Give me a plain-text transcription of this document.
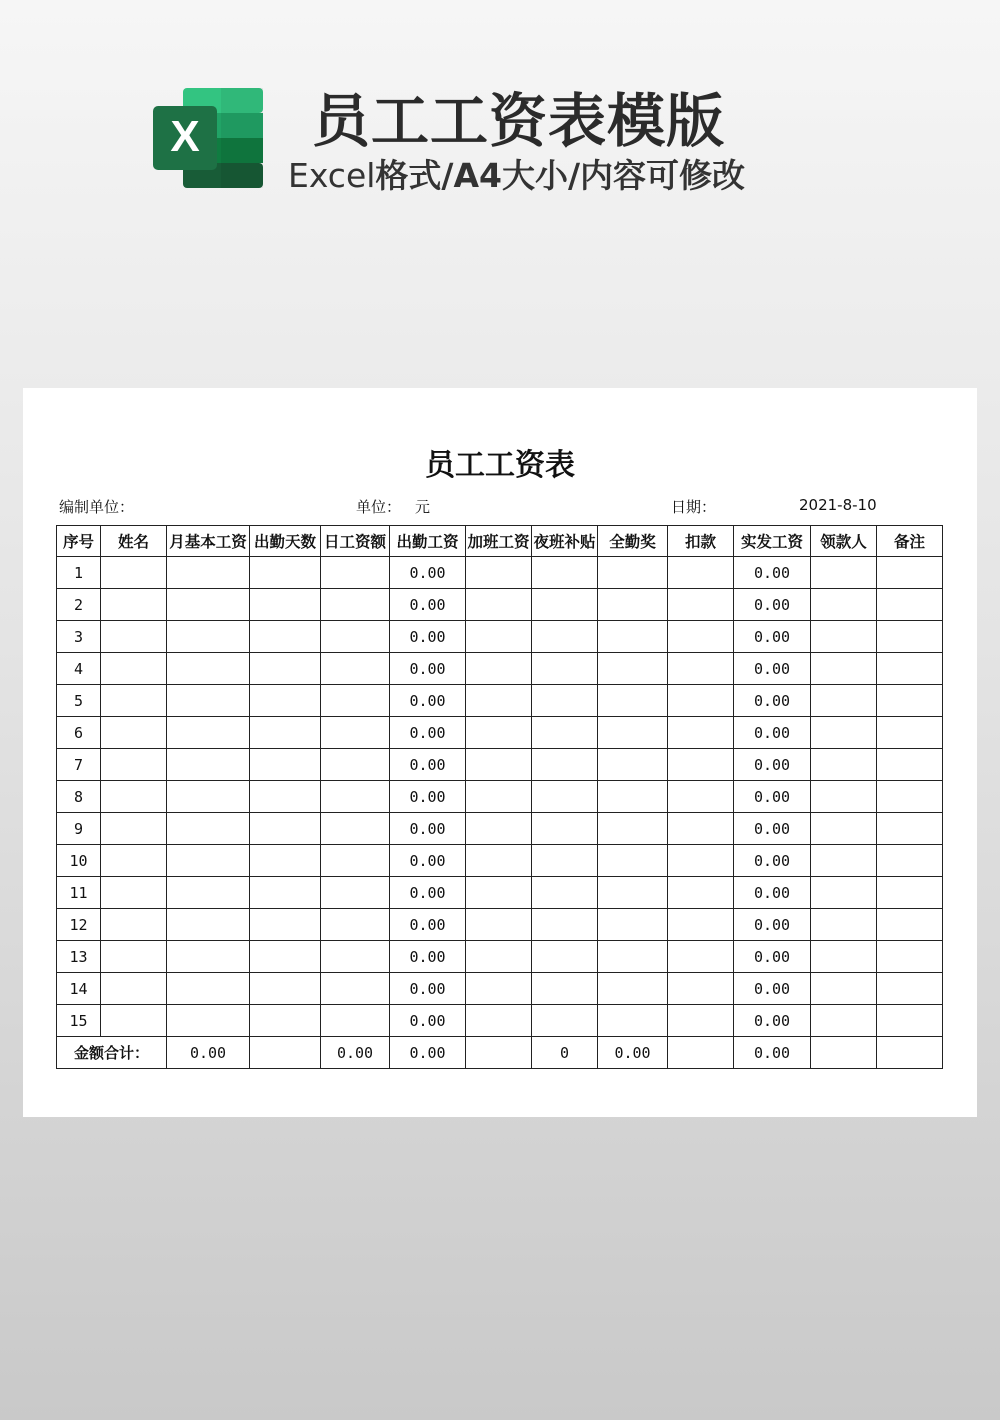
X 员工工资表模版
Excel格式/A4大小/内容可修改
员工工资表
编制单位：	单位： 元	日期：	2021-8-10
序号	姓名	月基本工资	出勤天数	日工资额	出勤工资	加班工资	夜班补贴	全勤奖	扣款	实发工资	领款人	备注
1					0.00					0.00		
2					0.00					0.00		
3					0.00					0.00		
4					0.00					0.00		
5					0.00					0.00		
6					0.00					0.00		
7					0.00					0.00		
8					0.00					0.00		
9					0.00					0.00		
10					0.00					0.00		
11					0.00					0.00		
12					0.00					0.00		
13					0.00					0.00		
14					0.00					0.00		
15					0.00					0.00		
金额合计：		0.00		0.00	0.00		0	0.00		0.00		
